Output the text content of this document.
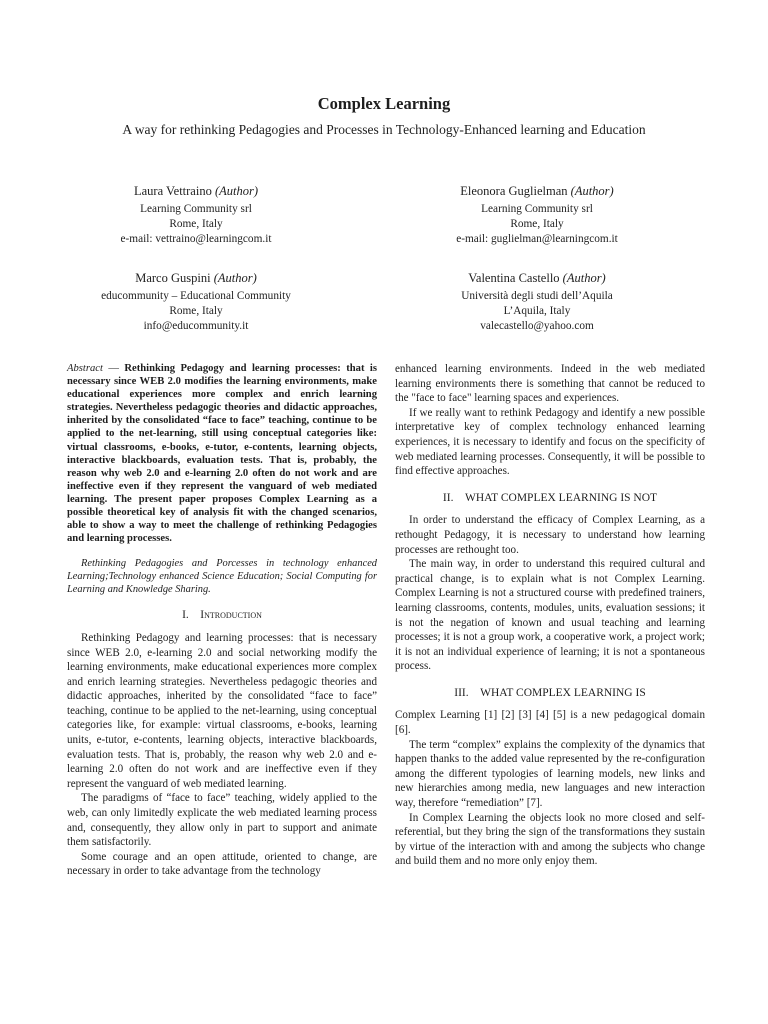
Complex Learning
A way for rethinking Pedagogies and Processes in Technology-Enhanced learning and Education
Laura Vettraino (Author)
Learning Community srl
Rome, Italy
e-mail: vettraino@learningcom.it
Eleonora Guglielman (Author)
Learning Community srl
Rome, Italy
e-mail: guglielman@learningcom.it
Marco Guspini (Author)
educommunity – Educational Community
Rome, Italy
info@educommunity.it
Valentina Castello (Author)
Università degli studi dell’Aquila
L’Aquila, Italy
valecastello@yahoo.com

Abstract — Rethinking Pedagogy and learning processes: that is necessary since WEB 2.0 modifies the learning environments, make educational experiences more complex and enrich learning strategies. Nevertheless pedagogic theories and didactic approaches, inherited by the consolidated “face to face” teaching, continue to be applied to the net-learning, still using conceptual categories like: virtual classrooms, e-books, e-tutor, e-contents, learning objects, interactive blackboards, evaluation tests. That is, probably, the reason why web 2.0 and e-learning 2.0 often do not work and are ineffective even if they represent the vanguard of web mediated learning. The present paper proposes Complex Learning as a possible theoretical key of analysis fit with the changed scenarios, able to show a way to meet the challenge of rethinking Pedagogies and learning processes.

Rethinking Pedagogies and Porcesses in technology enhanced Learning;Technology enhanced Science Education; Social Computing for Learning and Knowledge Sharing.

I. Introduction

Rethinking Pedagogy and learning processes: that is necessary since WEB 2.0, e-learning 2.0 and social networking modify the learning environments, make educational experiences more complex and enrich learning strategies. Nevertheless pedagogic theories and didactic approaches, inherited by the consolidated “face to face” teaching, continue to be applied to the net-learning, using conceptual categories like, for example: virtual classrooms, e-books, learning units, e-tutor, e-contents, learning objects, interactive blackboards, evaluation tests. That is, probably, the reason why web 2.0 and e-learning 2.0 often do not work and are ineffective even if they represent the vanguard of web mediated learning.

The paradigms of “face to face” teaching, widely applied to the web, can only limitedly explicate the web mediated learning process and, consequently, they allow only in part to support and animate them satisfactorily.

Some courage and an open attitude, oriented to change, are necessary in order to take advantage from the technology

enhanced learning environments. Indeed in the web mediated learning environments there is something that cannot be reduced to the "face to face" learning spaces and experiences.

If we really want to rethink Pedagogy and identify a new possible interpretative key of complex technology enhanced learning experiences, it is necessary to identify and focus on the specificity of web mediated learning processes. Consequently, it will be possible to find effective approaches.

II. WHAT COMPLEX LEARNING IS NOT

In order to understand the efficacy of Complex Learning, as a rethought Pedagogy, it is necessary to understand how learning processes are rethought too.

The main way, in order to understand this required cultural and practical change, is to explain what is not Complex Learning. Complex Learning is not a structured course with predefined trainers, learning classrooms, contents, modules, units, evaluation sessions; it is not the negation of known and usual teaching and learning processes; it is not a group work, a cooperative work, a project work; it is not an individual experience of learning; it is not a spontaneous process.

III. WHAT COMPLEX LEARNING IS

Complex Learning [1] [2] [3] [4] [5] is a new pedagogical domain [6].

The term “complex” explains the complexity of the dynamics that happen thanks to the added value represented by the re-configuration among the different typologies of learning models, new links and new hierarchies among media, new languages and new interaction way, therefore “remediation” [7].

In Complex Learning the objects look no more closed and self-referential, but they bring the sign of the transformations they sustain by virtue of the interaction with and among the subjects who change and build them and no more only enjoy them.
